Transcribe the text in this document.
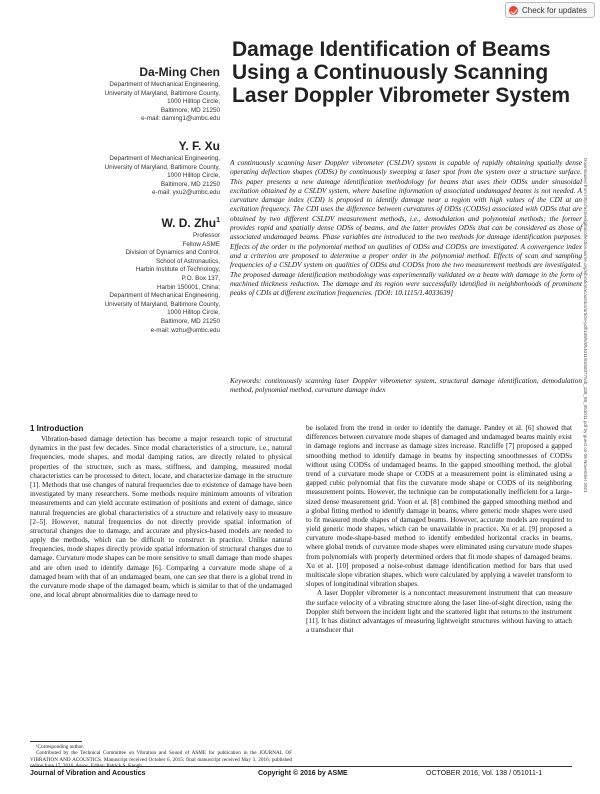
Check for updates
Damage Identification of Beams Using a Continuously Scanning Laser Doppler Vibrometer System
Da-Ming Chen
Department of Mechanical Engineering,
University of Maryland, Baltimore County,
1000 Hilltop Circle,
Baltimore, MD 21250
e-mail: daming1@umbc.edu
Y. F. Xu
Department of Mechanical Engineering,
University of Maryland, Baltimore County,
1000 Hilltop Circle,
Baltimore, MD 21250
e-mail: yxu2@umbc.edu
W. D. Zhu$^1$
Professor
Fellow ASME
Division of Dynamics and Control,
School of Astronautics,
Harbin Institute of Technology,
P.O. Box 137,
Harbin 150001, China;
Department of Mechanical Engineering,
University of Maryland, Baltimore County,
1000 Hilltop Circle,
Baltimore, MD 21250
e-mail: wzhu@umbc.edu
A continuously scanning laser Doppler vibrometer (CSLDV) system is capable of rapidly obtaining spatially dense operating deflection shapes (ODSs) by continuously sweeping a laser spot from the system over a structure surface. This paper presents a new damage identification methodology for beams that uses their ODSs under sinusoidal excitation obtained by a CSLDV system, where baseline information of associated undamaged beams is not needed. A curvature damage index (CDI) is proposed to identify damage near a region with high values of the CDI at an excitation frequency. The CDI uses the difference between curvatures of ODSs (CODSs) associated with ODSs that are obtained by two different CSLDV measurement methods, i.e., demodulation and polynomial methods; the former provides rapid and spatially dense ODSs of beams, and the latter provides ODSs that can be considered as those of associated undamaged beams. Phase variables are introduced to the two methods for damage identification purposes. Effects of the order in the polynomial method on qualities of ODSs and CODSs are investigated. A convergence index and a criterion are proposed to determine a proper order in the polynomial method. Effects of scan and sampling frequencies of a CSLDV system on qualities of ODSs and CODSs from the two measurement methods are investigated. The proposed damage identification methodology was experimentally validated on a beam with damage in the form of machined thickness reduction. The damage and its region were successfully identified in neighborhoods of prominent peaks of CDIs at different excitation frequencies. [DOI: 10.1115/1.4033639]
Keywords: continuously scanning laser Doppler vibrometer system, structural damage identification, demodulation method, polynomial method, curvature damage index
1 Introduction

Vibration-based damage detection has become a major research topic of structural dynamics in the past few decades. Since modal characteristics of a structure, i.e., natural frequencies, mode shapes, and modal damping ratios, are directly related to physical properties of the structure, such as mass, stiffness, and damping, measured modal characteristics can be processed to detect, locate, and characterize damage in the structure [1]. Methods that use changes of natural frequencies due to existence of damage have been investigated by many researchers. Some methods require minimum amounts of vibration measurements and can yield accurate estimation of positions and extent of damage, since natural frequencies are global characteristics of a structure and relatively easy to measure [2–5]. However, natural frequencies do not directly provide spatial information of structural changes due to damage, and accurate and physics-based models are needed to apply the methods, which can be difficult to construct in practice. Unlike natural frequencies, mode shapes directly provide spatial information of structural changes due to damage. Curvature mode shapes can be more sensitive to small damage than mode shapes and are often used to identify damage [6]. Comparing a curvature mode shape of a damaged beam with that of an undamaged beam, one can see that there is a global trend in the curvature mode shape of the damaged beam, which is similar to that of the undamaged one, and local abrupt abnormalities due to damage need to

be isolated from the trend in order to identify the damage. Pandey et al. [6] showed that differences between curvature mode shapes of damaged and undamaged beams mainly exist in damage regions and increase as damage sizes increase. Ratcliffe [7] proposed a gapped smoothing method to identify damage in beams by inspecting smoothnesses of CODSs without using CODSs of undamaged beams. In the gapped smoothing method, the global trend of a curvature mode shape or CODS at a measurement point is eliminated using a gapped cubic polynomial that fits the curvature mode shape or CODS of its neighboring measurement points. However, the technique can be computationally inefficient for a large-sized dense measurement grid. Yoon et al. [8] combined the gapped smoothing method and a global fitting method to identify damage in beams, where generic mode shapes were used to fit measured mode shapes of damaged beams. However, accurate models are required to yield generic mode shapes, which can be unavailable in practice. Xu et al. [9] proposed a curvature mode-shape-based method to identify embedded horizontal cracks in beams, where global trends of curvature mode shapes were eliminated using curvature mode shapes from polynomials with properly determined orders that fit mode shapes of damaged beams. Xu et al. [10] proposed a noise-robust damage identification method for bars that used multiscale slope vibration shapes, which were calculated by applying a wavelet transform to slopes of longitudinal vibration shapes.

A laser Doppler vibrometer is a noncontact measurement instrument that can measure the surface velocity of a vibrating structure along the laser line-of-sight direction, using the Doppler shift between the incident light and the scattered light that returns to the instrument [11]. It has distinct advantages of measuring lightweight structures without having to attach a transducer that

¹Corresponding author.

Contributed by the Technical Committee on Vibration and Sound of ASME for publication in the JOURNAL OF VIBRATION AND ACOUSTICS. Manuscript received October 6, 2015; final manuscript received May 3, 2016; published online June 17, 2016. Assoc. Editor: Patrick S. Keogh.

Journal of Vibration and Acoustics	Copyright © 2016 by ASME	OCTOBER 2016, Vol. 138 / 051011-1
Downloaded from http://asmedigitalcollection.asme.org/vibrationacoustics/article-pdf/138/5/051011/6150977/vib_138_05_051011.pdf by guest on 08 November 2021
